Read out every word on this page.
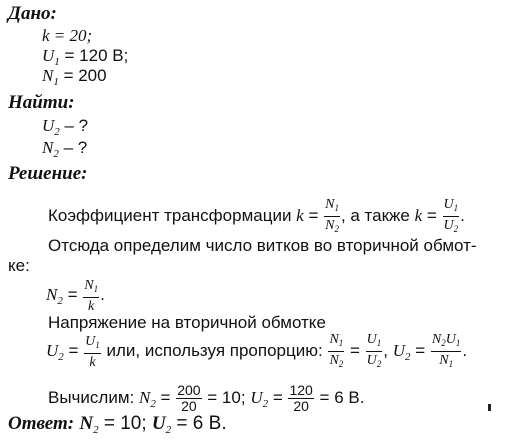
Дано:
k = 20;
$U_1 = 120$ В;
$N_1 = 200$
Найти:
$U_2$ – ?
$N_2$ – ?
Решение:
Коэффициент трансформации $k = \frac{N_1}{N_2}$ , а также $k = \frac{U_1}{U_2}$ .
Отсюда определим число витков во вторичной обмот-
ке:
$N_2 = \frac{N_1}{k}$ .
Напряжение на вторичной обмотке
$U_2 = \frac{U_1}{k}$ или, используя пропорцию: $\frac{N_1}{N_2} = \frac{U_1}{U_2}$ , $U_2 = \frac{N_2U_1}{N_1}$ .
Вычислим: $N_2 = \frac{200}{20} = 10$; $U_2 = \frac{120}{20} = 6$ В.
Ответ: $N_2 = 10$; $U_2 = 6$ В.
